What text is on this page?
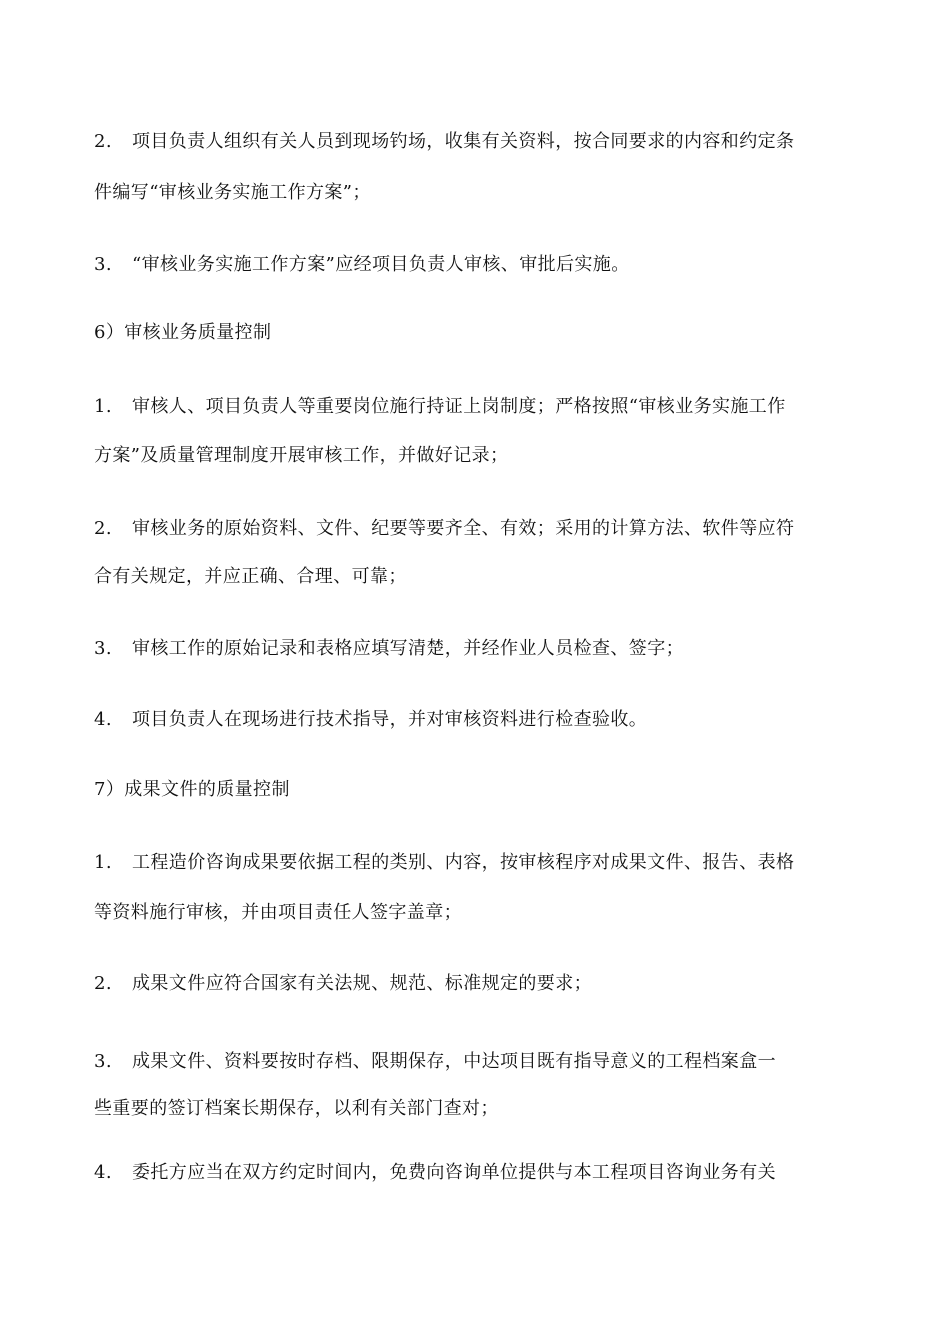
2. 项目负责人组织有关人员到现场钓场，收集有关资料，按合同要求的内容和约定条
件编写“审核业务实施工作方案”；
3. “审核业务实施工作方案”应经项目负责人审核、审批后实施。
6）审核业务质量控制
1. 审核人、项目负责人等重要岗位施行持证上岗制度；严格按照“审核业务实施工作
方案”及质量管理制度开展审核工作，并做好记录；
2. 审核业务的原始资料、文件、纪要等要齐全、有效；采用的计算方法、软件等应符
合有关规定，并应正确、合理、可靠；
3. 审核工作的原始记录和表格应填写清楚，并经作业人员检查、签字；
4. 项目负责人在现场进行技术指导，并对审核资料进行检查验收。
7）成果文件的质量控制
1. 工程造价咨询成果要依据工程的类别、内容，按审核程序对成果文件、报告、表格
等资料施行审核，并由项目责任人签字盖章；
2. 成果文件应符合国家有关法规、规范、标准规定的要求；
3. 成果文件、资料要按时存档、限期保存，中达项目既有指导意义的工程档案盒一
些重要的签订档案长期保存，以利有关部门查对；
4. 委托方应当在双方约定时间内，免费向咨询单位提供与本工程项目咨询业务有关
